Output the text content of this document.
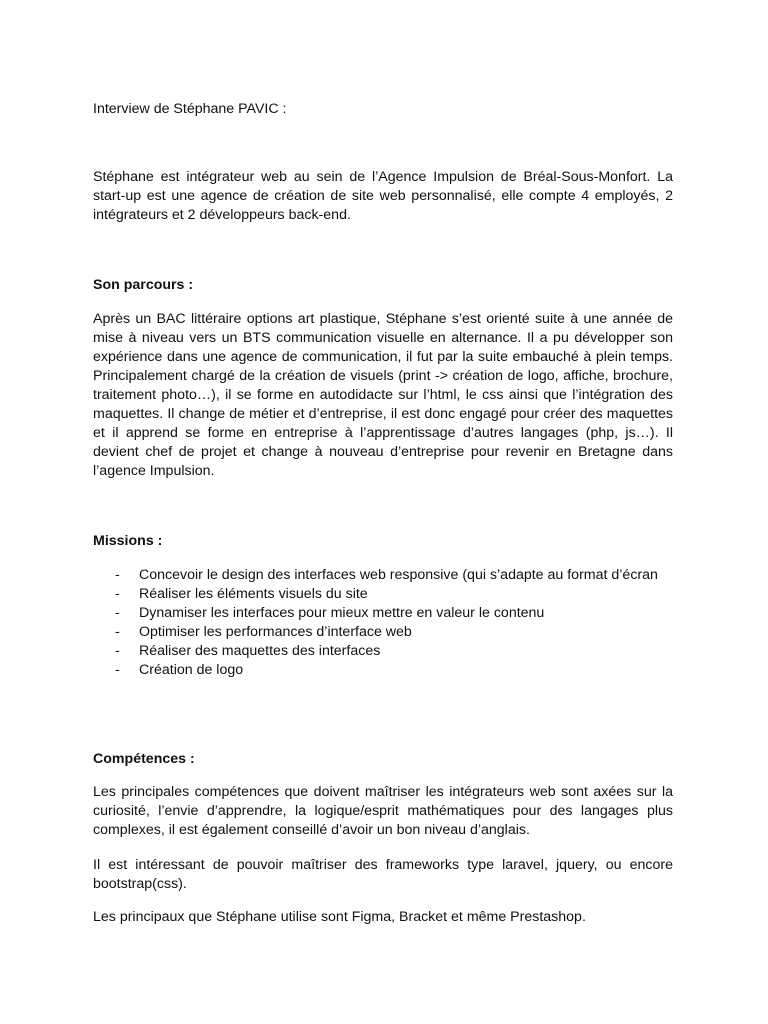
Interview de Stéphane PAVIC :

Stéphane est intégrateur web au sein de l’Agence Impulsion de Bréal-Sous-Monfort. La start-up est une agence de création de site web personnalisé, elle compte 4 employés, 2 intégrateurs et 2 développeurs back-end.

Son parcours :

Après un BAC littéraire options art plastique, Stéphane s’est orienté suite à une année de mise à niveau vers un BTS communication visuelle en alternance. Il a pu développer son expérience dans une agence de communication, il fut par la suite embauché à plein temps. Principalement chargé de la création de visuels (print -> création de logo, affiche, brochure, traitement photo…), il se forme en autodidacte sur l’html, le css ainsi que l’intégration des maquettes. Il change de métier et d’entreprise, il est donc engagé pour créer des maquettes et il apprend se forme en entreprise à l’apprentissage d’autres langages (php, js…). Il devient chef de projet et change à nouveau d’entreprise pour revenir en Bretagne dans l’agence Impulsion.

Missions :

- Concevoir le design des interfaces web responsive (qui s’adapte au format d’écran
- Réaliser les éléments visuels du site
- Dynamiser les interfaces pour mieux mettre en valeur le contenu
- Optimiser les performances d’interface web
- Réaliser des maquettes des interfaces
- Création de logo

Compétences :

Les principales compétences que doivent maîtriser les intégrateurs web sont axées sur la curiosité, l’envie d’apprendre, la logique/esprit mathématiques pour des langages plus complexes, il est également conseillé d’avoir un bon niveau d’anglais.

Il est intéressant de pouvoir maîtriser des frameworks type laravel, jquery, ou encore bootstrap(css).

Les principaux que Stéphane utilise sont Figma, Bracket et même Prestashop.
